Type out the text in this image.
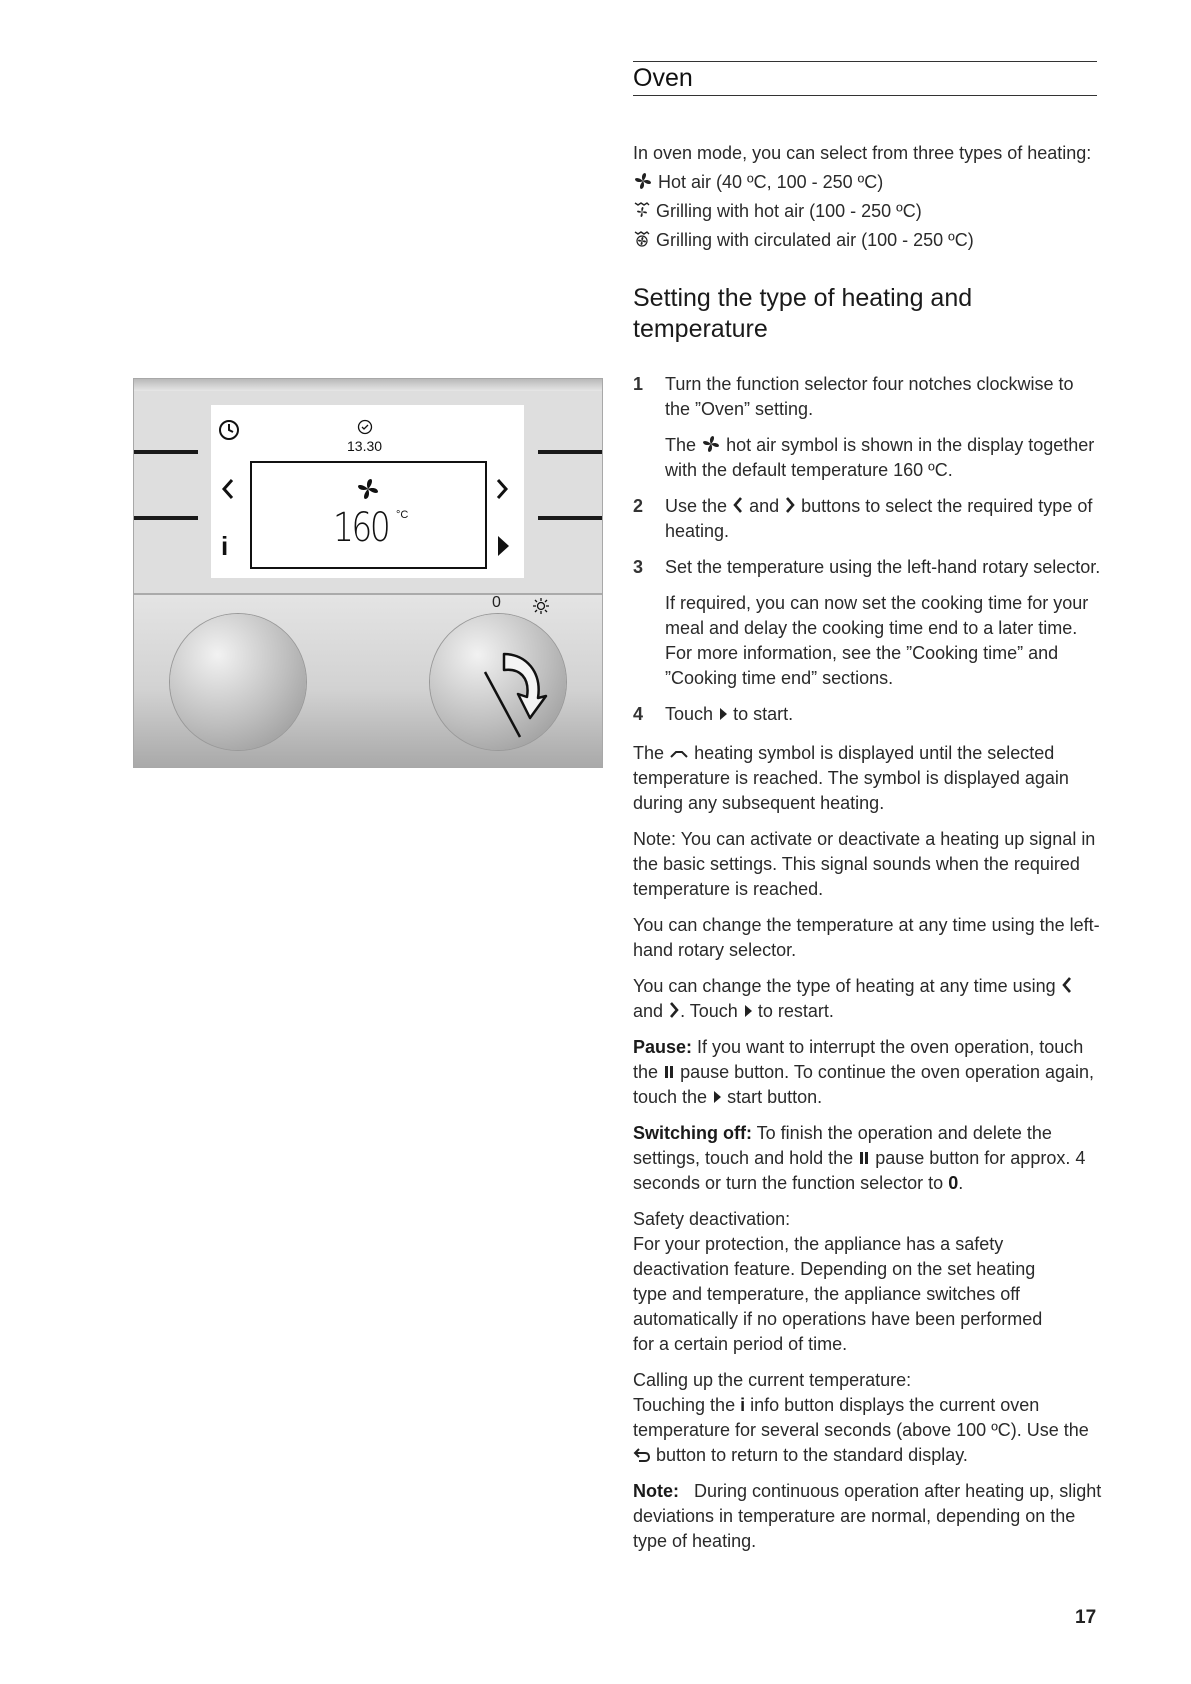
Oven
13.30
i	160 °C
0
In oven mode, you can select from three types of heating:
Hot air (40 ºC, 100 - 250 ºC)
Grilling with hot air (100 - 250 ºC)
Grilling with circulated air (100 - 250 ºC)
Setting the type of heating and temperature
1 Turn the function selector four notches clockwise to the ”Oven” setting.
The hot air symbol is shown in the display together with the default temperature 160 ºC.
2 Use the and buttons to select the required type of heating.
3 Set the temperature using the left-hand rotary selector.
If required, you can now set the cooking time for your meal and delay the cooking time end to a later time. For more information, see the ”Cooking time” and ”Cooking time end” sections.
4 Touch to start.

The heating symbol is displayed until the selected temperature is reached. The symbol is displayed again during any subsequent heating.

Note: You can activate or deactivate a heating up signal in the basic settings. This signal sounds when the required temperature is reached.

You can change the temperature at any time using the left-hand rotary selector.

You can change the type of heating at any time using  and . Touch to restart.

Pause: If you want to interrupt the oven operation, touch the pause button. To continue the oven operation again, touch the start button.

Switching off: To finish the operation and delete the settings, touch and hold the pause button for approx. 4 seconds or turn the function selector to 0.

Safety deactivation:

For your protection, the appliance has a safety deactivation feature. Depending on the set heating type and temperature, the appliance switches off automatically if no operations have been performed for a certain period of time.

Calling up the current temperature:

Touching the i info button displays the current oven temperature for several seconds (above 100 ºC). Use the  button to return to the standard display.

Note: During continuous operation after heating up, slight deviations in temperature are normal, depending on the type of heating.

17
